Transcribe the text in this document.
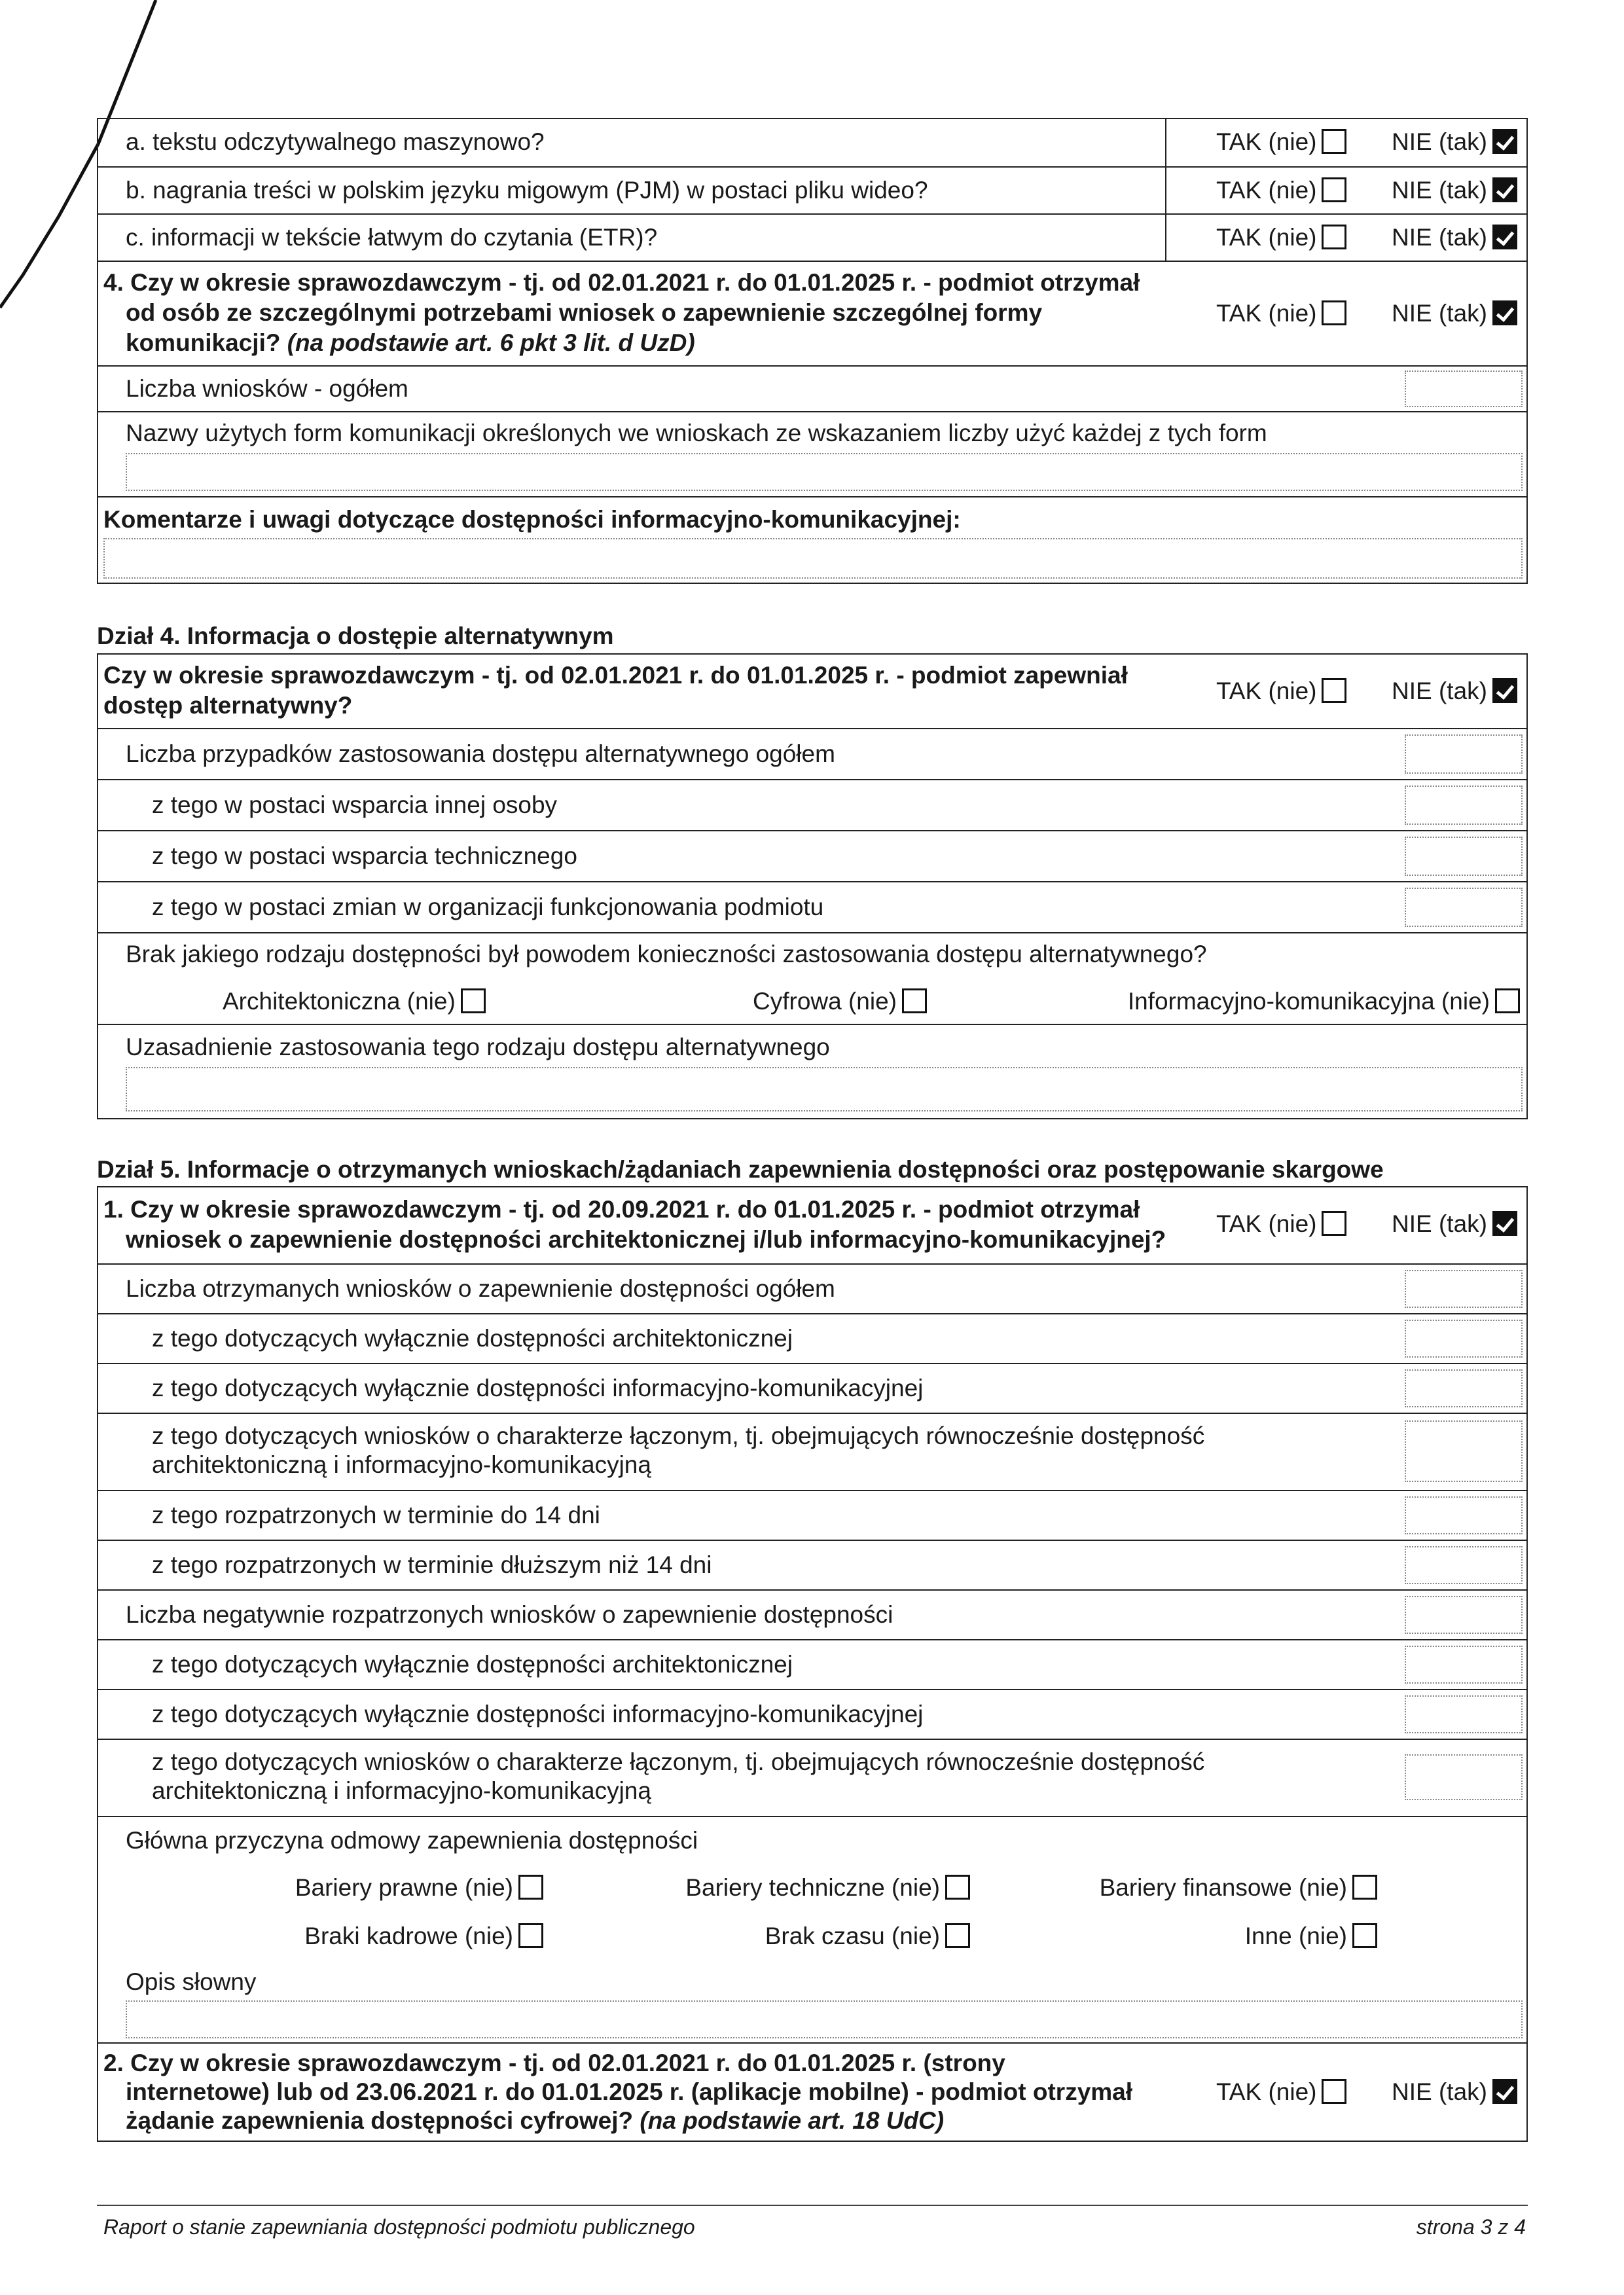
a. tekstu odczytywalnego maszynowo?	TAK (nie)	NIE (tak)
b. nagrania treści w polskim języku migowym (PJM) w postaci pliku wideo?	TAK (nie)	NIE (tak)
c. informacji w tekście łatwym do czytania (ETR)?	TAK (nie)	NIE (tak)
4. Czy w okresie sprawozdawczym - tj. od 02.01.2021 r. do 01.01.2025 r. - podmiot otrzymał
od osób ze szczególnymi potrzebami wniosek o zapewnienie szczególnej formy
komunikacji? (na podstawie art. 6 pkt 3 lit. d UzD)
TAK (nie)	NIE (tak)
Liczba wniosków - ogółem
Nazwy użytych form komunikacji określonych we wnioskach ze wskazaniem liczby użyć każdej z tych form
Komentarze i uwagi dotyczące dostępności informacyjno-komunikacyjnej:
Dział 4. Informacja o dostępie alternatywnym
Czy w okresie sprawozdawczym - tj. od 02.01.2021 r. do 01.01.2025 r. - podmiot zapewniał
dostęp alternatywny?
TAK (nie)	NIE (tak)
Liczba przypadków zastosowania dostępu alternatywnego ogółem
z tego w postaci wsparcia innej osoby
z tego w postaci wsparcia technicznego
z tego w postaci zmian w organizacji funkcjonowania podmiotu
Brak jakiego rodzaju dostępności był powodem konieczności zastosowania dostępu alternatywnego?
Architektoniczna (nie)	Cyfrowa (nie)	Informacyjno-komunikacyjna (nie)
Uzasadnienie zastosowania tego rodzaju dostępu alternatywnego
Dział 5. Informacje o otrzymanych wnioskach/żądaniach zapewnienia dostępności oraz postępowanie skargowe
1. Czy w okresie sprawozdawczym - tj. od 20.09.2021 r. do 01.01.2025 r. - podmiot otrzymał
wniosek o zapewnienie dostępności architektonicznej i/lub informacyjno-komunikacyjnej?
TAK (nie)	NIE (tak)
Liczba otrzymanych wniosków o zapewnienie dostępności ogółem
z tego dotyczących wyłącznie dostępności architektonicznej
z tego dotyczących wyłącznie dostępności informacyjno-komunikacyjnej
z tego dotyczących wniosków o charakterze łączonym, tj. obejmujących równocześnie dostępność
architektoniczną i informacyjno-komunikacyjną
z tego rozpatrzonych w terminie do 14 dni
z tego rozpatrzonych w terminie dłuższym niż 14 dni
Liczba negatywnie rozpatrzonych wniosków o zapewnienie dostępności
z tego dotyczących wyłącznie dostępności architektonicznej
z tego dotyczących wyłącznie dostępności informacyjno-komunikacyjnej
z tego dotyczących wniosków o charakterze łączonym, tj. obejmujących równocześnie dostępność
architektoniczną i informacyjno-komunikacyjną
Główna przyczyna odmowy zapewnienia dostępności
Bariery prawne (nie)	Bariery techniczne (nie)	Bariery finansowe (nie)
Braki kadrowe (nie)	Brak czasu (nie)	Inne (nie)
Opis słowny
2. Czy w okresie sprawozdawczym - tj. od 02.01.2021 r. do 01.01.2025 r. (strony
internetowe) lub od 23.06.2021 r. do 01.01.2025 r. (aplikacje mobilne) - podmiot otrzymał
żądanie zapewnienia dostępności cyfrowej? (na podstawie art. 18 UdC)
TAK (nie)	NIE (tak)
Raport o stanie zapewniania dostępności podmiotu publicznego	strona 3 z 4
